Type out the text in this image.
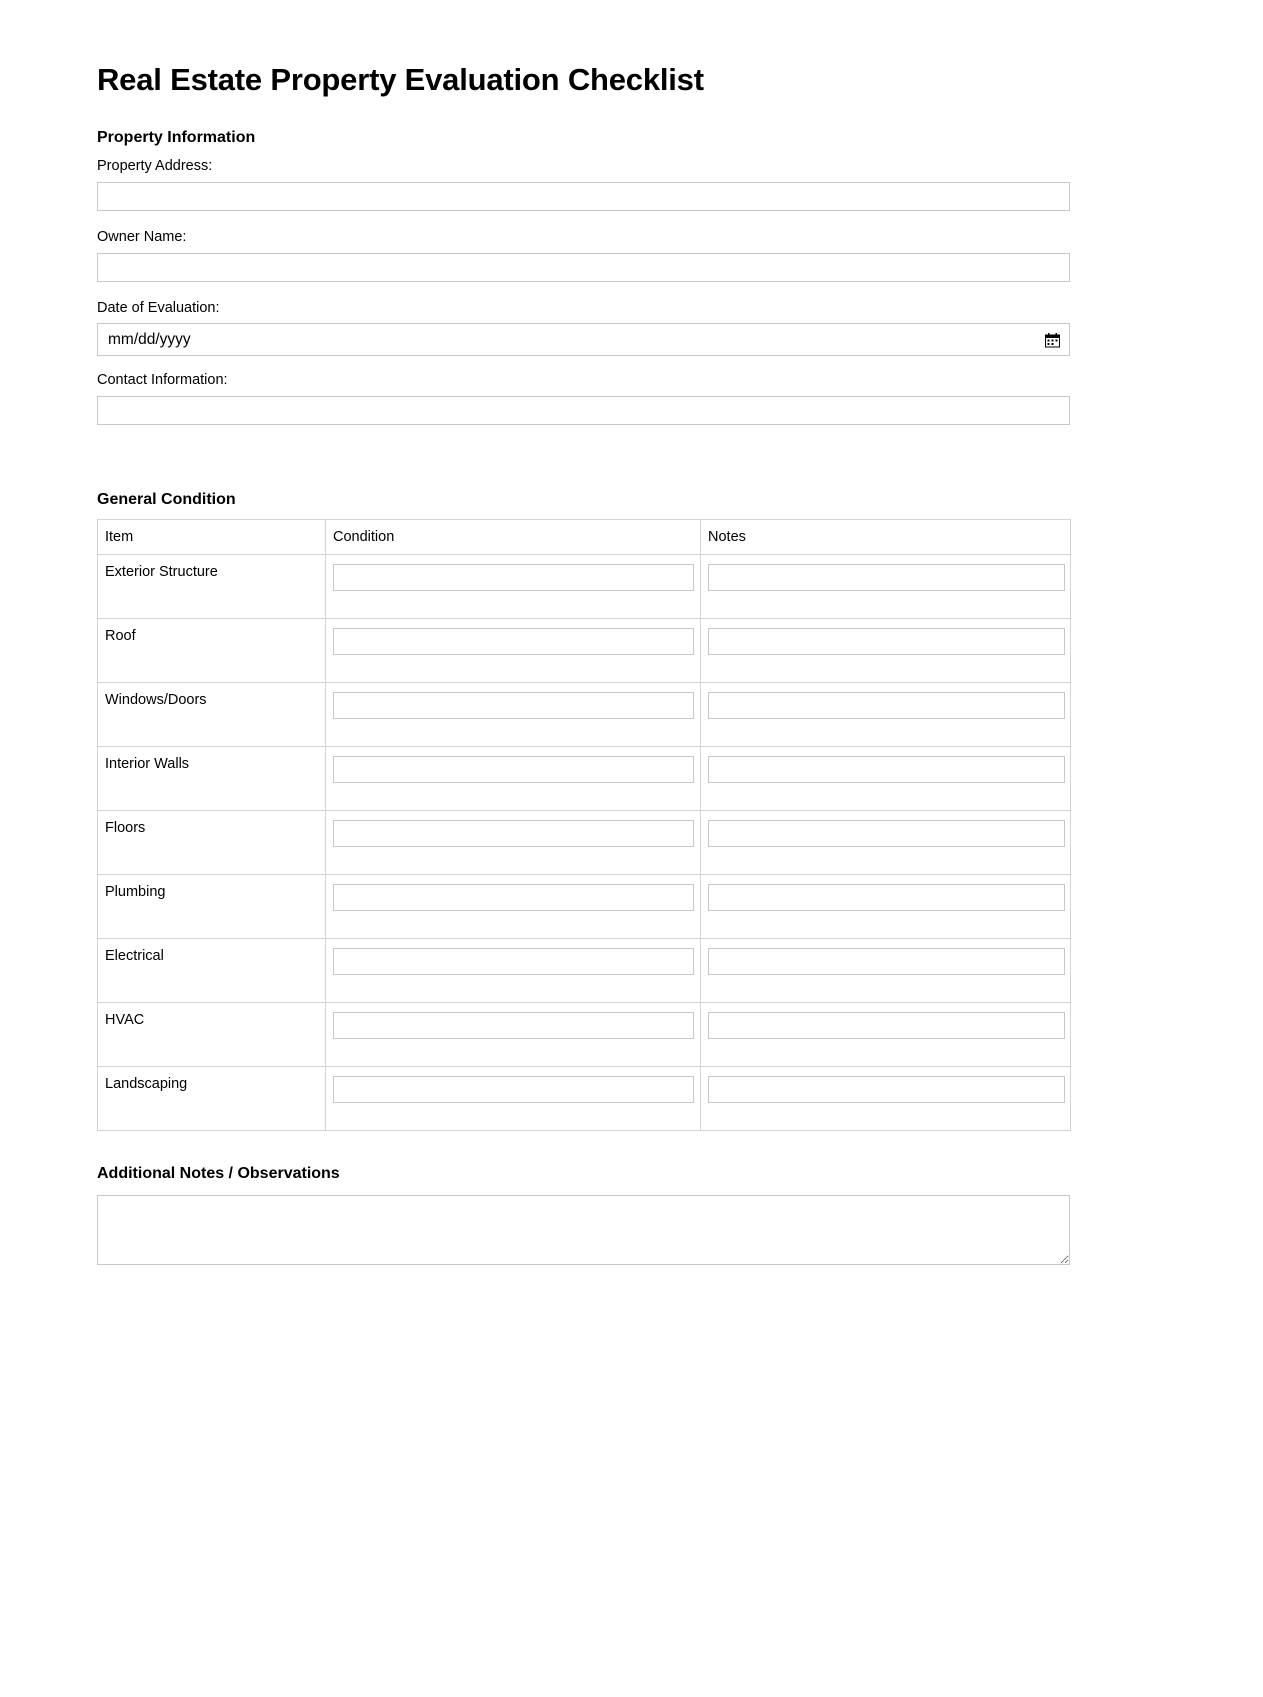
Real Estate Property Evaluation Checklist
Property Information
Property Address:
Owner Name:
Date of Evaluation:
mm/dd/yyyy
Contact Information:
General Condition
Item	Condition	Notes
Exterior Structure	

Roof	

Windows/Doors	

Interior Walls	

Floors	

Plumbing	

Electrical	

HVAC	

Landscaping	

Additional Notes / Observations
